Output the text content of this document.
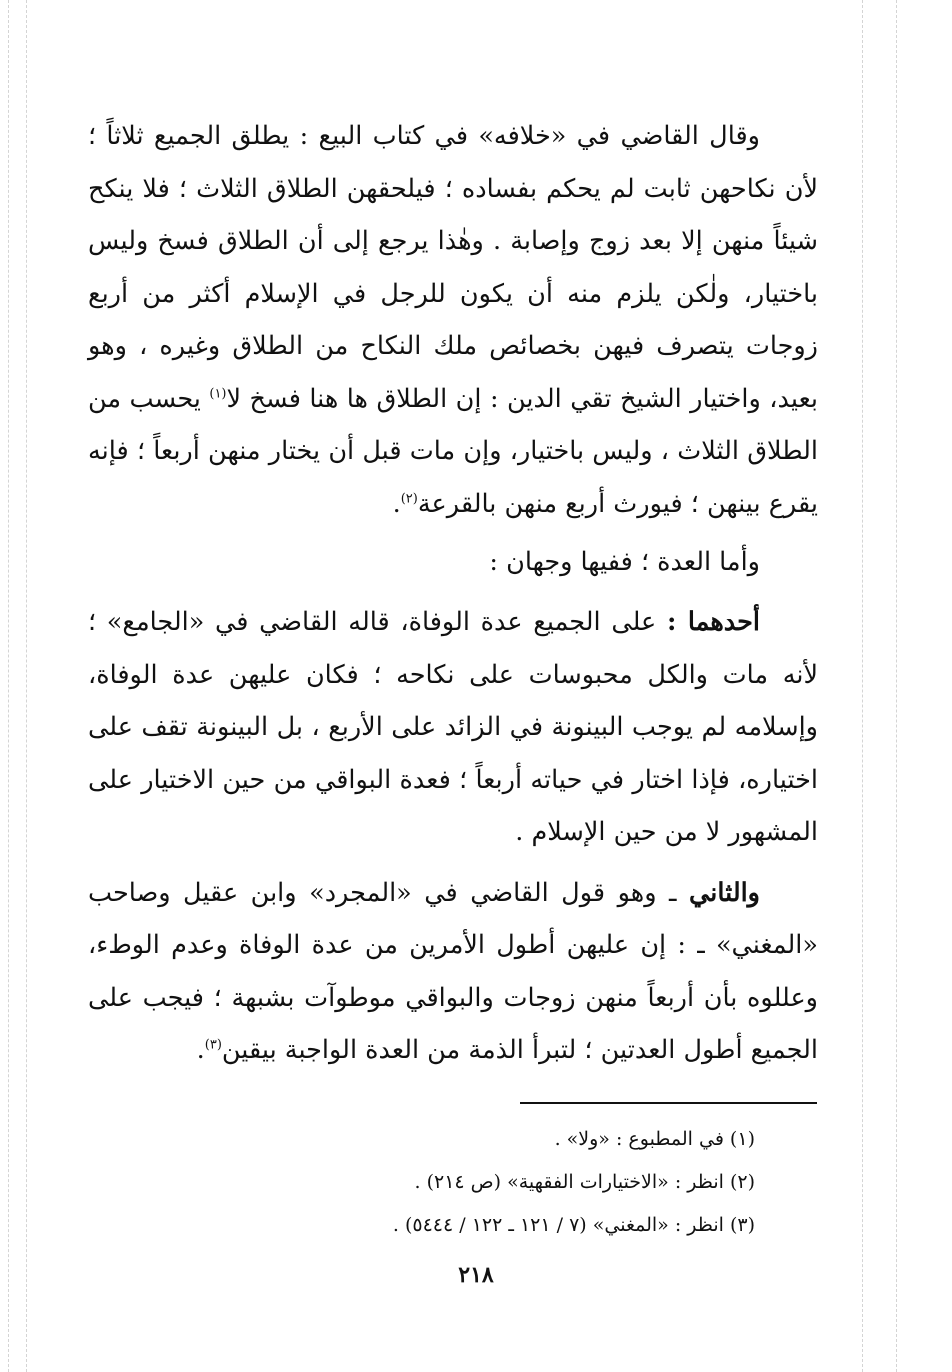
وقال القاضي في «خلافه» في كتاب البيع : يطلق الجميع ثلاثاً ؛ لأن نكاحهن ثابت لم يحكم بفساده ؛ فيلحقهن الطلاق الثلاث ؛ فلا ينكح شيئاً منهن إلا بعد زوج وإصابة . وهٰذا يرجع إلى أن الطلاق فسخ وليس باختيار، ولٰكن يلزم منه أن يكون للرجل في الإسلام أكثر من أربع زوجات يتصرف فيهن بخصائص ملك النكاح من الطلاق وغيره ، وهو بعيد، واختيار الشيخ تقي الدين : إن الطلاق ها هنا فسخ لا$^{(١)}$ يحسب من الطلاق الثلاث ، وليس باختيار، وإن مات قبل أن يختار منهن أربعاً ؛ فإنه يقرع بينهن ؛ فيورث أربع منهن بالقرعة$^{(٢)}$.

وأما العدة ؛ ففيها وجهان :

أحدهما : على الجميع عدة الوفاة، قاله القاضي في «الجامع» ؛ لأنه مات والكل محبوسات على نكاحه ؛ فكان عليهن عدة الوفاة، وإسلامه لم يوجب البينونة في الزائد على الأربع ، بل البينونة تقف على اختياره، فإذا اختار في حياته أربعاً ؛ فعدة البواقي من حين الاختيار على المشهور لا من حين الإسلام .

والثاني ـ وهو قول القاضي في «المجرد» وابن عقيل وصاحب «المغني» ـ : إن عليهن أطول الأمرين من عدة الوفاة وعدم الوطء، وعللوه بأن أربعاً منهن زوجات والبواقي موطوآت بشبهة ؛ فيجب على الجميع أطول العدتين ؛ لتبرأ الذمة من العدة الواجبة بيقين$^{(٣)}$.

(١) في المطبوع : «ولا» .

(٢) انظر : «الاختيارات الفقهية» (ص ٢١٤) .

(٣) انظر : «المغني» (٧ / ١٢١ ـ ١٢٢ / ٥٤٤٤) .

٢١٨
